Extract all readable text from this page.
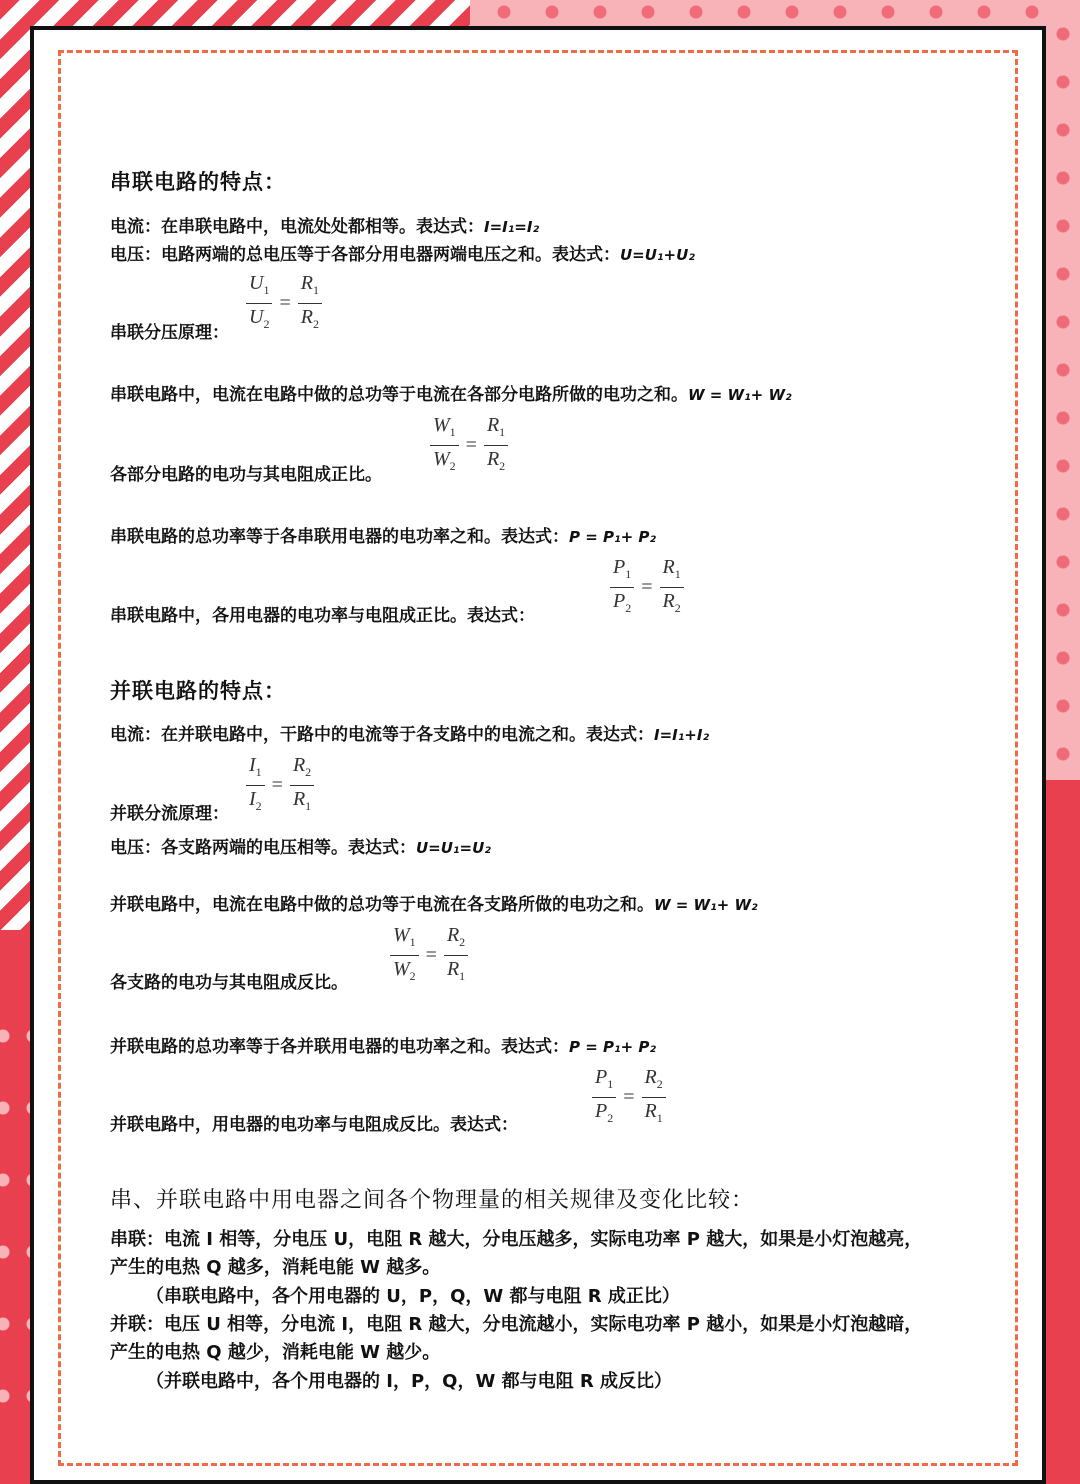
串联电路的特点：
电流：在串联电路中，电流处处都相等。表达式：I=I₁=I₂
电压：电路两端的总电压等于各部分用电器两端电压之和。表达式：U=U₁+U₂
串联分压原理： $\frac{U_1}{U_2} = \frac{R_1}{R_2}$
串联电路中，电流在电路中做的总功等于电流在各部分电路所做的电功之和。W = W₁+ W₂
各部分电路的电功与其电阻成正比。 $\frac{W_1}{W_2} = \frac{R_1}{R_2}$
串联电路的总功率等于各串联用电器的电功率之和。表达式：P = P₁+ P₂
串联电路中，各用电器的电功率与电阻成正比。表达式：	$\frac{P_1}{P_2} = \frac{R_1}{R_2}$
并联电路的特点：
电流：在并联电路中，干路中的电流等于各支路中的电流之和。表达式：I=I₁+I₂
并联分流原理： $\frac{I_1}{I_2} = \frac{R_2}{R_1}$
电压：各支路两端的电压相等。表达式：U=U₁=U₂
并联电路中，电流在电路中做的总功等于电流在各支路所做的电功之和。W = W₁+ W₂
各支路的电功与其电阻成反比。 $\frac{W_1}{W_2} = \frac{R_2}{R_1}$
并联电路的总功率等于各并联用电器的电功率之和。表达式：P = P₁+ P₂
并联电路中，用电器的电功率与电阻成反比。表达式：	$\frac{P_1}{P_2} = \frac{R_2}{R_1}$
串、并联电路中用电器之间各个物理量的相关规律及变化比较：
串联：电流 I 相等，分电压 U，电阻 R 越大，分电压越多，实际电功率 P 越大，如果是小灯泡越亮，产生的电热 Q 越多，消耗电能 W 越多。
（串联电路中，各个用电器的 U，P，Q，W 都与电阻 R 成正比）
并联：电压 U 相等，分电流 I，电阻 R 越大，分电流越小，实际电功率 P 越小，如果是小灯泡越暗，产生的电热 Q 越少，消耗电能 W 越少。
（并联电路中，各个用电器的 I，P，Q，W 都与电阻 R 成反比）
